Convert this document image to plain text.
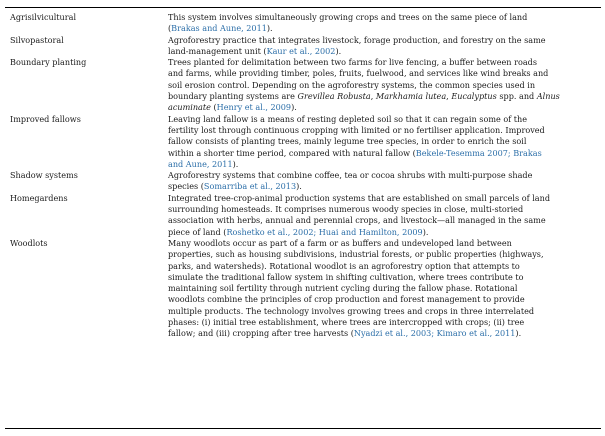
Agrisilvicultural	This system involves simultaneously growing crops and trees on the same piece of land
(Brakas and Aune, 2011).
Silvopastoral	Agroforestry practice that integrates livestock, forage production, and forestry on the same
land-management unit (Kaur et al., 2002).
Boundary planting	Trees planted for delimitation between two farms for live fencing, a buffer between roads
and farms, while providing timber, poles, fruits, fuelwood, and services like wind breaks and
soil erosion control. Depending on the agroforestry systems, the common species used in
boundary planting systems are Grevillea Robusta, Markhamia lutea, Eucalyptus spp. and Alnus
acuminate (Henry et al., 2009).
Improved fallows	Leaving land fallow is a means of resting depleted soil so that it can regain some of the
fertility lost through continuous cropping with limited or no fertiliser application. Improved
fallow consists of planting trees, mainly legume tree species, in order to enrich the soil
within a shorter time period, compared with natural fallow (Bekele-Tesemma 2007; Brakas
and Aune, 2011).
Shadow systems	Agroforestry systems that combine coffee, tea or cocoa shrubs with multi-purpose shade
species (Somarriba et al., 2013).
Homegardens	Integrated tree-crop-animal production systems that are established on small parcels of land
surrounding homesteads. It comprises numerous woody species in close, multi-storied
association with herbs, annual and perennial crops, and livestock—all managed in the same
piece of land (Roshetko et al., 2002; Huai and Hamilton, 2009).
Woodlots	Many woodlots occur as part of a farm or as buffers and undeveloped land between
properties, such as housing subdivisions, industrial forests, or public properties (highways,
parks, and watersheds). Rotational woodlot is an agroforestry option that attempts to
simulate the traditional fallow system in shifting cultivation, where trees contribute to
maintaining soil fertility through nutrient cycling during the fallow phase. Rotational
woodlots combine the principles of crop production and forest management to provide
multiple products. The technology involves growing trees and crops in three interrelated
phases: (i) initial tree establishment, where trees are intercropped with crops; (ii) tree
fallow; and (iii) cropping after tree harvests (Nyadzi et al., 2003; Kimaro et al., 2011).
